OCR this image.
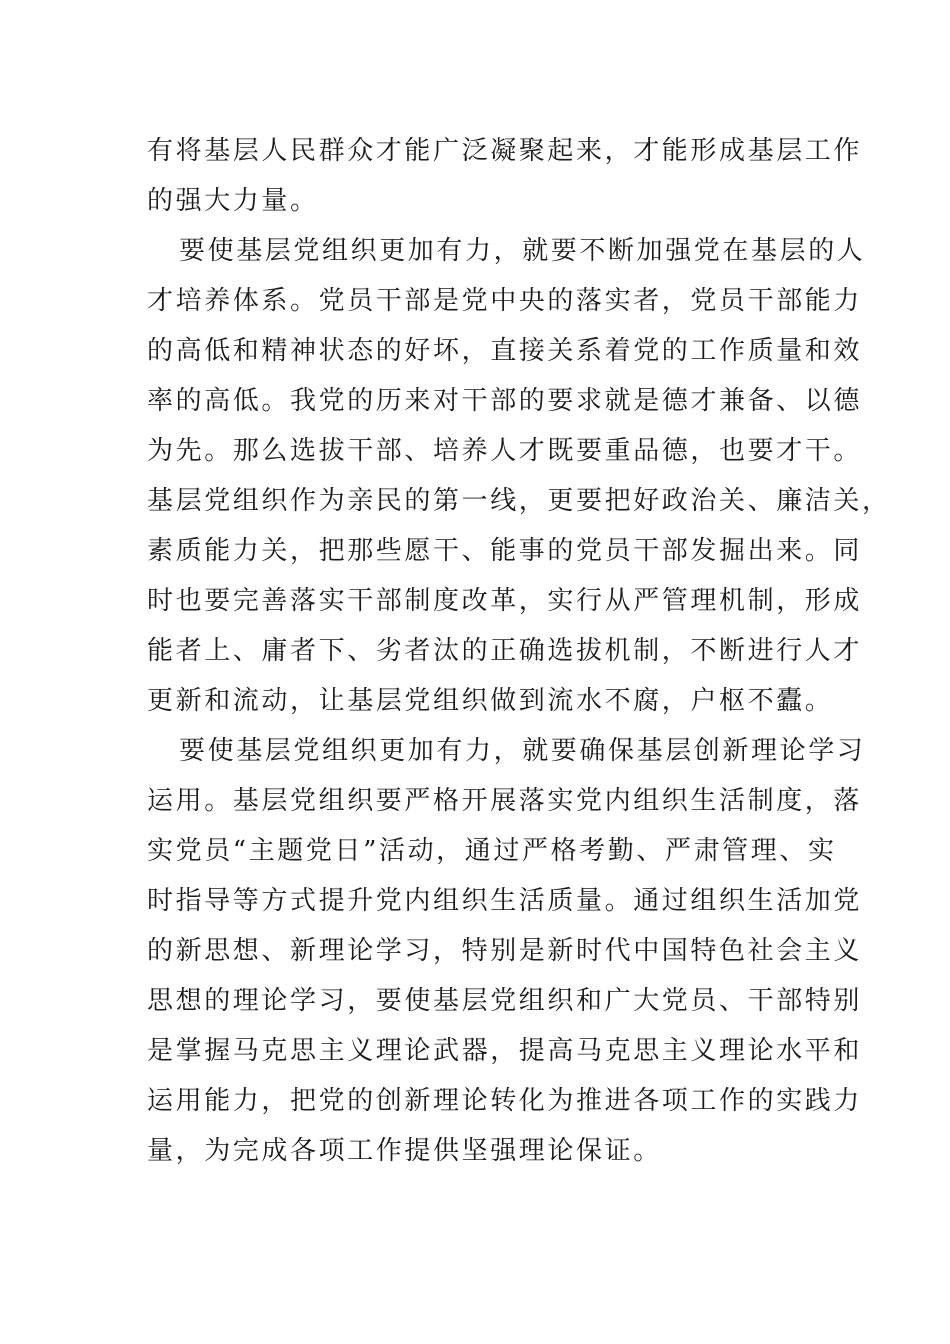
有将基层人民群众才能广泛凝聚起来，才能形成基层工作
的强大力量。
要使基层党组织更加有力，就要不断加强党在基层的人
才培养体系。党员干部是党中央的落实者，党员干部能力
的高低和精神状态的好坏，直接关系着党的工作质量和效
率的高低。我党的历来对干部的要求就是德才兼备、以德
为先。那么选拔干部、培养人才既要重品德，也要才干。
基层党组织作为亲民的第一线，更要把好政治关、廉洁关，
素质能力关，把那些愿干、能事的党员干部发掘出来。同
时也要完善落实干部制度改革，实行从严管理机制，形成
能者上、庸者下、劣者汰的正确选拔机制，不断进行人才
更新和流动，让基层党组织做到流水不腐，户枢不蠹。
要使基层党组织更加有力，就要确保基层创新理论学习
运用。基层党组织要严格开展落实党内组织生活制度，落
实党员“主题党日”活动，通过严格考勤、严肃管理、实
时指导等方式提升党内组织生活质量。通过组织生活加党
的新思想、新理论学习，特别是新时代中国特色社会主义
思想的理论学习，要使基层党组织和广大党员、干部特别
是掌握马克思主义理论武器，提高马克思主义理论水平和
运用能力，把党的创新理论转化为推进各项工作的实践力
量，为完成各项工作提供坚强理论保证。
